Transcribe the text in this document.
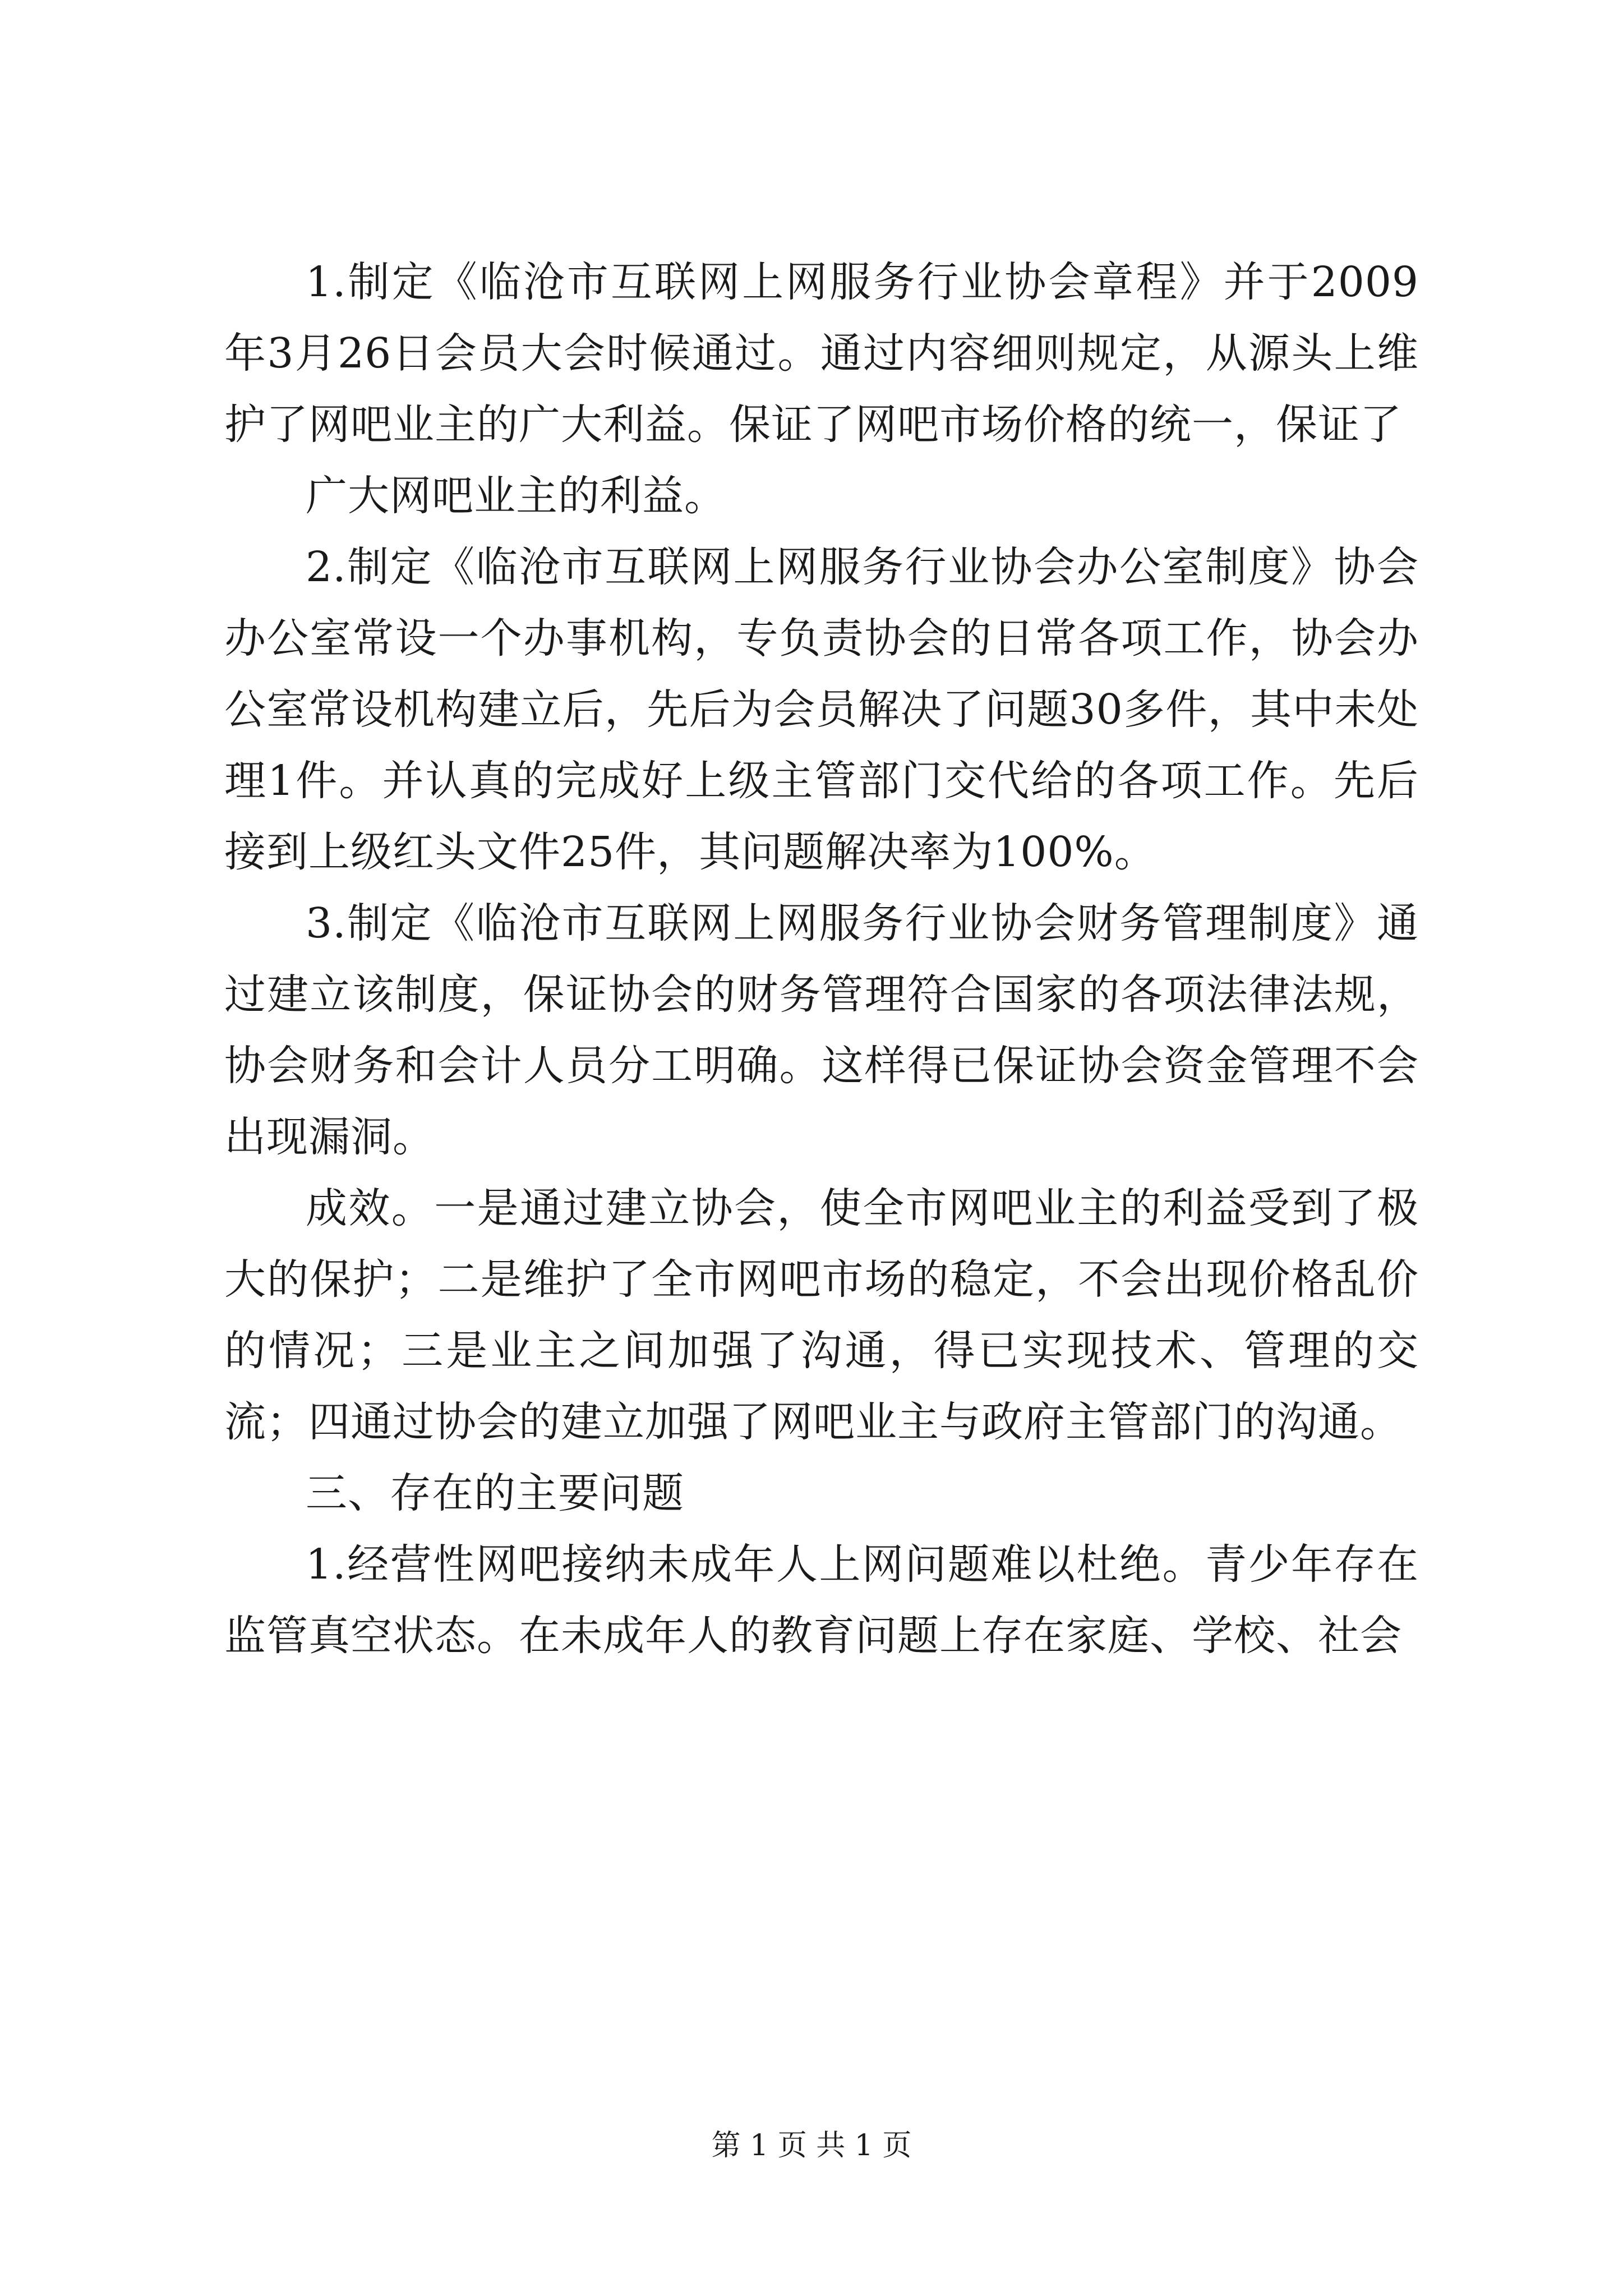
1.制定《临沧市互联网上网服务行业协会章程》并于2009年3月26日会员大会时候通过。通过内容细则规定，从源头上维护了网吧业主的广大利益。保证了网吧市场价格的统一，保证了

广大网吧业主的利益。

2.制定《临沧市互联网上网服务行业协会办公室制度》协会办公室常设一个办事机构，专负责协会的日常各项工作，协会办公室常设机构建立后，先后为会员解决了问题30多件，其中未处理1件。并认真的完成好上级主管部门交代给的各项工作。先后接到上级红头文件25件，其问题解决率为100%。

3.制定《临沧市互联网上网服务行业协会财务管理制度》通过建立该制度，保证协会的财务管理符合国家的各项法律法规，协会财务和会计人员分工明确。这样得已保证协会资金管理不会出现漏洞。

成效。一是通过建立协会，使全市网吧业主的利益受到了极大的保护；二是维护了全市网吧市场的稳定，不会出现价格乱价的情况；三是业主之间加强了沟通，得已实现技术、管理的交流；四通过协会的建立加强了网吧业主与政府主管部门的沟通。

三、存在的主要问题

1.经营性网吧接纳未成年人上网问题难以杜绝。青少年存在监管真空状态。在未成年人的教育问题上存在家庭、学校、社会

第 1 页 共 1 页
